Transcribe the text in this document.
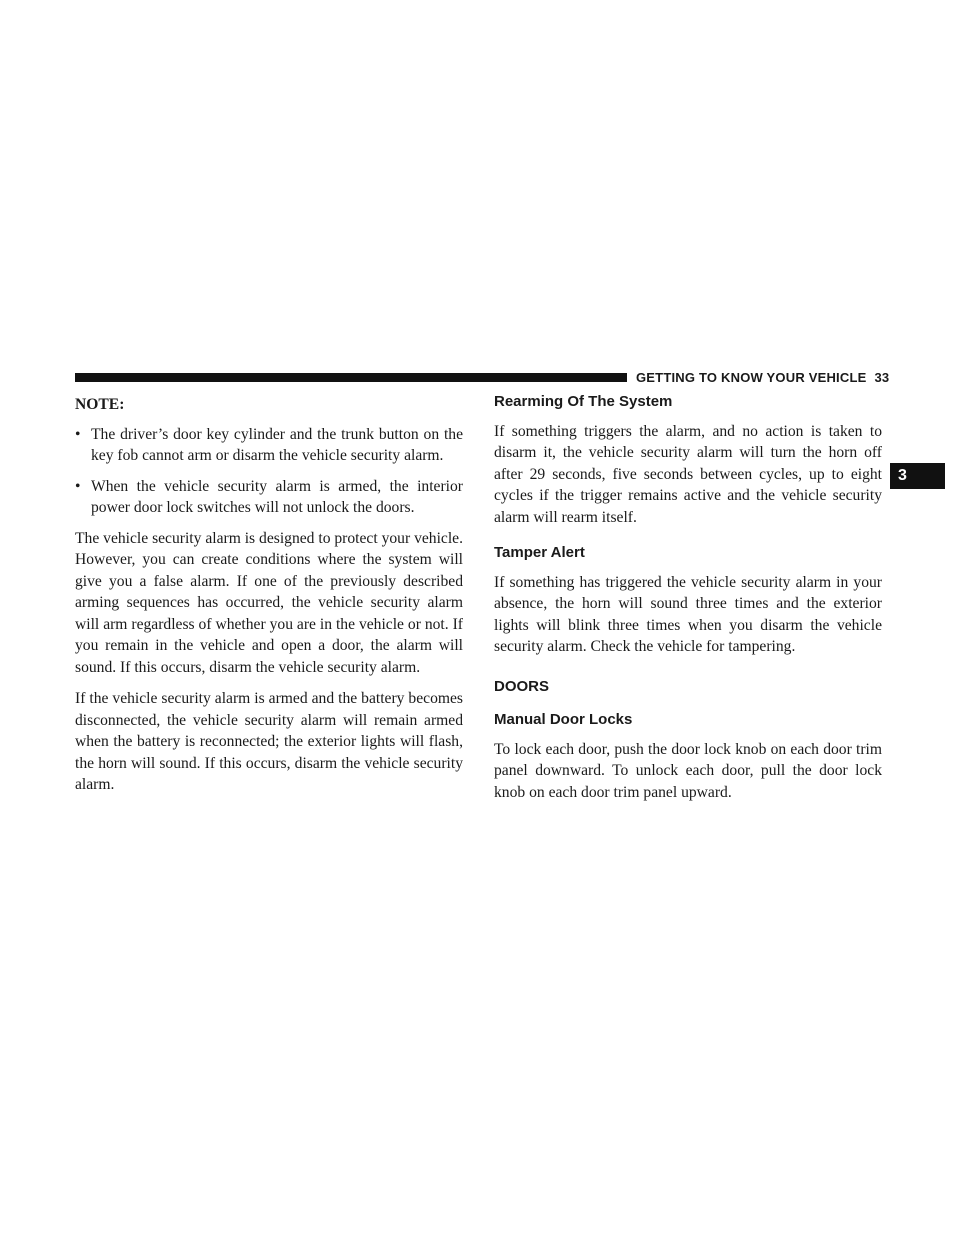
GETTING TO KNOW YOUR VEHICLE 33
3

NOTE:

• The driver’s door key cylinder and the trunk button on the key fob cannot arm or disarm the vehicle security alarm.
• When the vehicle security alarm is armed, the interior power door lock switches will not unlock the doors.

The vehicle security alarm is designed to protect your vehicle. However, you can create conditions where the system will give you a false alarm. If one of the previously described arming sequences has occurred, the vehicle security alarm will arm regardless of whether you are in the vehicle or not. If you remain in the vehicle and open a door, the alarm will sound. If this occurs, disarm the vehicle security alarm.

If the vehicle security alarm is armed and the battery becomes disconnected, the vehicle security alarm will remain armed when the battery is reconnected; the exterior lights will flash, the horn will sound. If this occurs, disarm the vehicle security alarm.

Rearming Of The System

If something triggers the alarm, and no action is taken to disarm it, the vehicle security alarm will turn the horn off after 29 seconds, five seconds between cycles, up to eight cycles if the trigger remains active and the vehicle security alarm will rearm itself.

Tamper Alert

If something has triggered the vehicle security alarm in your absence, the horn will sound three times and the exterior lights will blink three times when you disarm the vehicle security alarm. Check the vehicle for tampering.

DOORS
Manual Door Locks

To lock each door, push the door lock knob on each door trim panel downward. To unlock each door, pull the door lock knob on each door trim panel upward.
